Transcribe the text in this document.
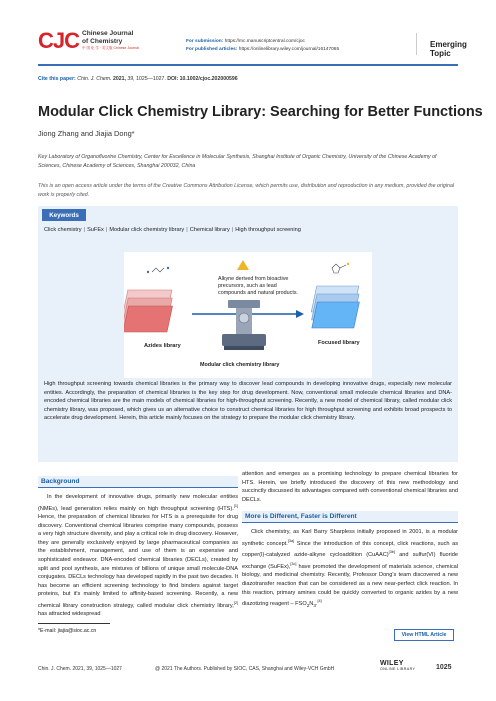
CJC Chinese Journal
of Chemistry
中 国 化 学 · 英文版 Chinese Journal
For submission: https://mc.manuscriptcentral.com/cjoc
For published articles: https://onlinelibrary.wiley.com/journal/16147065	Emerging Topic
Cite this paper: Chin. J. Chem. 2021, 39, 1025—1027. DOI: 10.1002/cjoc.202000596
Modular Click Chemistry Library: Searching for Better Functions
Jiong Zhang and Jiajia Dong*
Key Laboratory of Organofluorine Chemistry, Center for Excellence in Molecular Synthesis, Shanghai Institute of Organic Chemistry, University of the Chinese Academy of Sciences, Chinese Academy of Sciences, Shanghai 200032, China
This is an open access article under the terms of the Creative Commons Attribution License, which permits use, distribution and reproduction in any medium, provided the original work is properly cited.
Keywords
Click chemistry | SuFEx | Modular click chemistry library | Chemical library | High throughput screening
Azides library
Alkyne derived from bioactive precursors, such as lead compounds and natural products.
Modular click chemistry library
Focused library
High throughput screening towards chemical libraries is the primary way to discover lead compounds in developing innovative drugs, especially new molecular entities. Accordingly, the preparation of chemical libraries is the key step for drug development. Now, conventional small molecule chemical libraries and DNA-encoded chemical libraries are the main models of chemical libraries for high-throughput screening. Recently, a new model of chemical library, called modular click chemistry library, was proposed, which gives us an alternative choice to construct chemical libraries for high throughput screening and exhibits broad prospects to accelerate drug development. Herein, this article mainly focuses on the strategy to prepare the modular click chemistry library.
Background
In the development of innovative drugs, primarily new molecular entities (NMEs), lead generation relies mainly on high throughput screening (HTS).[1] Hence, the preparation of chemical libraries for HTS is a prerequisite for drug discovery. Conventional chemical libraries comprise many compounds, possess a very high structure diversity, and play a critical role in drug discovery. However, they are generally exclusively enjoyed by large pharmaceutical companies as the establishment, management, and use of them is an expensive and sophisticated endeavor. DNA-encoded chemical libraries (DECLs), created by split and pool synthesis, are mixtures of billions of unique small molecule-DNA conjugates. DECLs technology has developed rapidly in the past two decades. It has become an efficient screening technology to find binders against target proteins, but it's mainly limited to affinity-based screening. Recently, a new chemical library construction strategy, called modular click chemistry library,[2] has attracted widespread
attention and emerges as a promising technology to prepare chemical libraries for HTS. Herein, we briefly introduced the discovery of this new methodology and succinctly discussed its advantages compared with conventional chemical libraries and DECLs.
More is Different, Faster is Different
Click chemistry, as Karl Barry Sharpless initially proposed in 2001, is a modular synthetic concept.[3a] Since the introduction of this concept, click reactions, such as copper(I)-catalyzed azide-alkyne cycloaddition (CuAAC)[3b] and sulfur(VI) fluoride exchange (SuFEx),[3c] have promoted the development of materials science, chemical biology, and medicinal chemistry. Recently, Professor Dong's team discovered a new diazotransfer reaction that can be considered as a new near-perfect click reaction. In this reaction, primary amines could be quickly converted to organic azides by a new diazotizing reagent – $FSO_2N_3.[4]$
*E-mail: jiajia@sioc.ac.cn
View HTML Article
Chin. J. Chem. 2021, 39, 1025—1027	@ 2021 The Authors. Published by SIOC, CAS, Shanghai and Wiley-VCH GmbH
WILEY
ONLINE LIBRARY	1025
